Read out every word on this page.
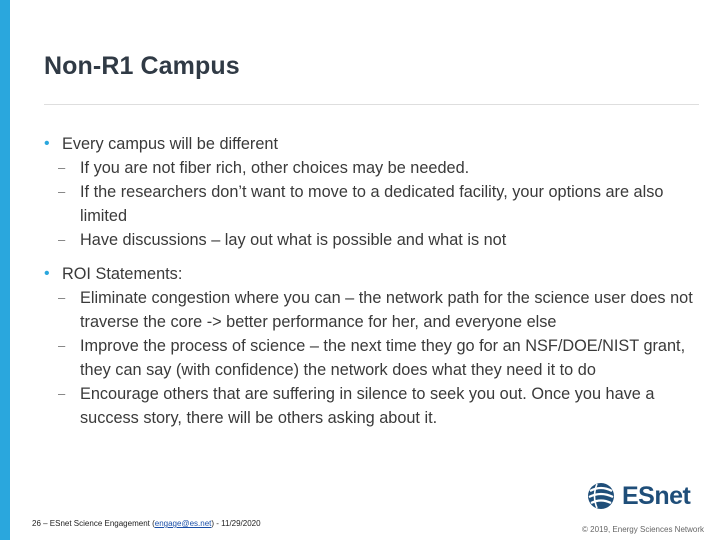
Non-R1 Campus
• Every campus will be different
– If you are not fiber rich, other choices may be needed.
– If the researchers don’t want to move to a dedicated facility, your options are also limited
– Have discussions – lay out what is possible and what is not
• ROI Statements:
– Eliminate congestion where you can – the network path for the science user does not traverse the core -> better performance for her, and everyone else
– Improve the process of science – the next time they go for an NSF/DOE/NIST grant, they can say (with confidence) the network does what they need it to do
– Encourage others that are suffering in silence to seek you out. Once you have a success story, there will be others asking about it.
26 – ESnet Science Engagement (engage@es.net) - 11/29/2020
ESnet
© 2019, Energy Sciences Network
